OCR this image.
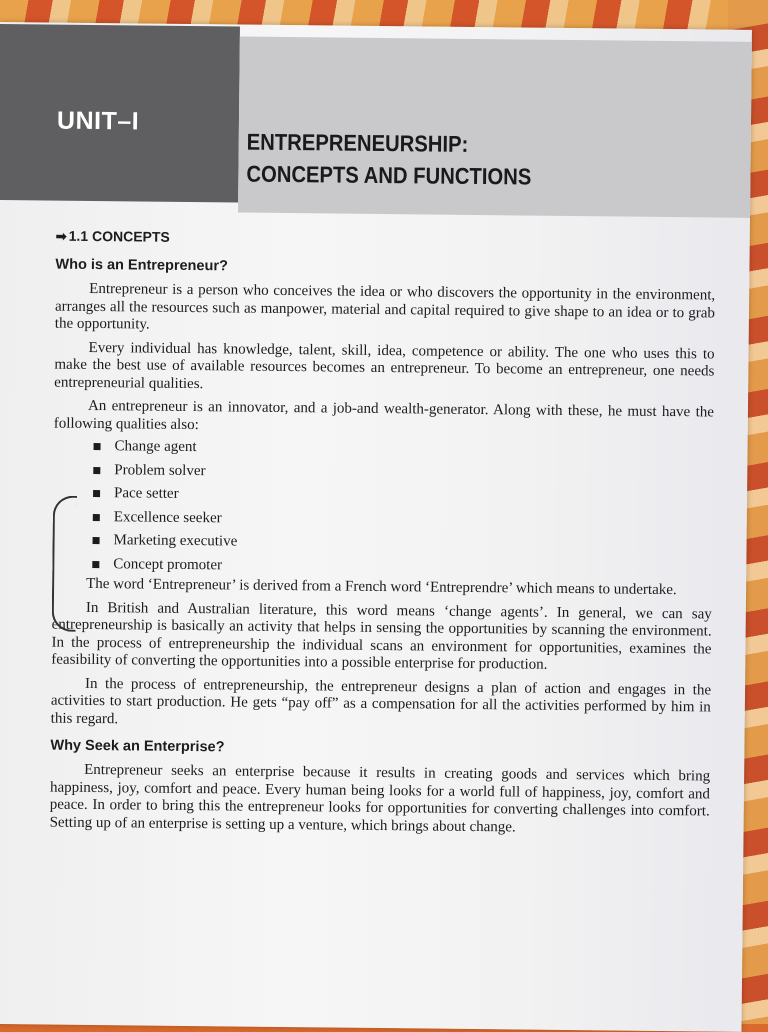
UNIT–I
ENTREPRENEURSHIP:
CONCEPTS AND FUNCTIONS
➡ 1.1 CONCEPTS
Who is an Entrepreneur?

Entrepreneur is a person who conceives the idea or who discovers the opportunity in the environment, arranges all the resources such as manpower, material and capital required to give shape to an idea or to grab the opportunity.

Every individual has knowledge, talent, skill, idea, competence or ability. The one who uses this to make the best use of available resources becomes an entrepreneur. To become an entrepreneur, one needs entrepreneurial qualities.

An entrepreneur is an innovator, and a job-and wealth-generator. Along with these, he must have the following qualities also:

Change agent
Problem solver
Pace setter
Excellence seeker
Marketing executive
Concept promoter

The word ‘Entrepreneur’ is derived from a French word ‘Entreprendre’ which means to undertake.

In British and Australian literature, this word means ‘change agents’. In general, we can say entrepreneurship is basically an activity that helps in sensing the opportunities by scanning the environment. In the process of entrepreneurship the individual scans an environment for opportunities, examines the feasibility of converting the opportunities into a possible enterprise for production.

In the process of entrepreneurship, the entrepreneur designs a plan of action and engages in the activities to start production. He gets “pay off” as a compensation for all the activities performed by him in this regard.

Why Seek an Enterprise?

Entrepreneur seeks an enterprise because it results in creating goods and services which bring happiness, joy, comfort and peace. Every human being looks for a world full of happiness, joy, comfort and peace. In order to bring this the entrepreneur looks for opportunities for converting challenges into comfort. Setting up of an enterprise is setting up a venture, which brings about change.
